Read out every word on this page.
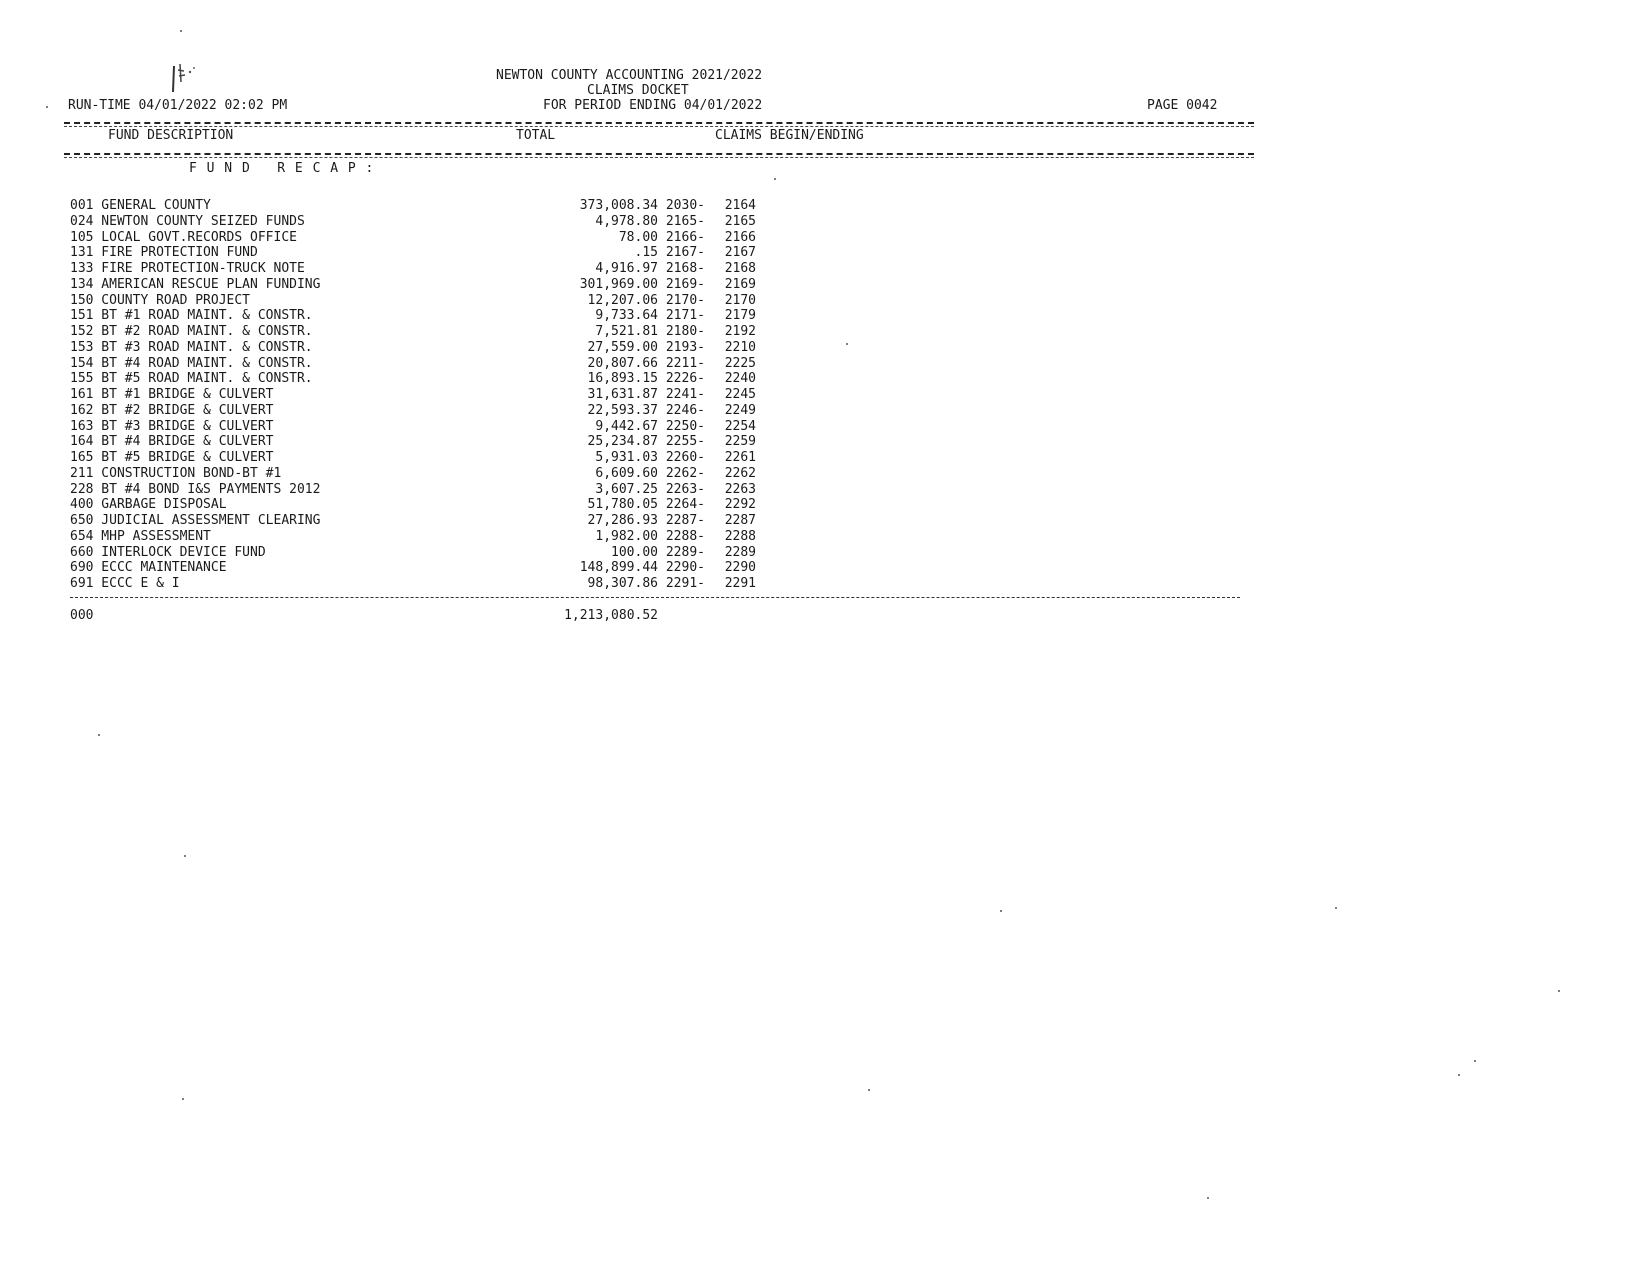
NEWTON COUNTY ACCOUNTING 2021/2022
CLAIMS DOCKET
FOR PERIOD ENDING 04/01/2022
RUN-TIME 04/01/2022 02:02 PM	PAGE 0042
FUND DESCRIPTION	TOTAL	CLAIMS BEGIN/ENDING
F U N D   R E C A P :
001 GENERAL COUNTY	373,008.34 2030-	2164
024 NEWTON COUNTY SEIZED FUNDS	4,978.80 2165-	2165
105 LOCAL GOVT.RECORDS OFFICE	78.00 2166-	2166
131 FIRE PROTECTION FUND	.15 2167-	2167
133 FIRE PROTECTION-TRUCK NOTE	4,916.97 2168-	2168
134 AMERICAN RESCUE PLAN FUNDING	301,969.00 2169-	2169
150 COUNTY ROAD PROJECT	12,207.06 2170-	2170
151 BT #1 ROAD MAINT. & CONSTR.	9,733.64 2171-	2179
152 BT #2 ROAD MAINT. & CONSTR.	7,521.81 2180-	2192
153 BT #3 ROAD MAINT. & CONSTR.	27,559.00 2193-	2210
154 BT #4 ROAD MAINT. & CONSTR.	20,807.66 2211-	2225
155 BT #5 ROAD MAINT. & CONSTR.	16,893.15 2226-	2240
161 BT #1 BRIDGE & CULVERT	31,631.87 2241-	2245
162 BT #2 BRIDGE & CULVERT	22,593.37 2246-	2249
163 BT #3 BRIDGE & CULVERT	9,442.67 2250-	2254
164 BT #4 BRIDGE & CULVERT	25,234.87 2255-	2259
165 BT #5 BRIDGE & CULVERT	5,931.03 2260-	2261
211 CONSTRUCTION BOND-BT #1	6,609.60 2262-	2262
228 BT #4 BOND I&S PAYMENTS 2012	3,607.25 2263-	2263
400 GARBAGE DISPOSAL	51,780.05 2264-	2292
650 JUDICIAL ASSESSMENT CLEARING	27,286.93 2287-	2287
654 MHP ASSESSMENT	1,982.00 2288-	2288
660 INTERLOCK DEVICE FUND	100.00 2289-	2289
690 ECCC MAINTENANCE	148,899.44 2290-	2290
691 ECCC E & I	98,307.86 2291-	2291
000	1,213,080.52
